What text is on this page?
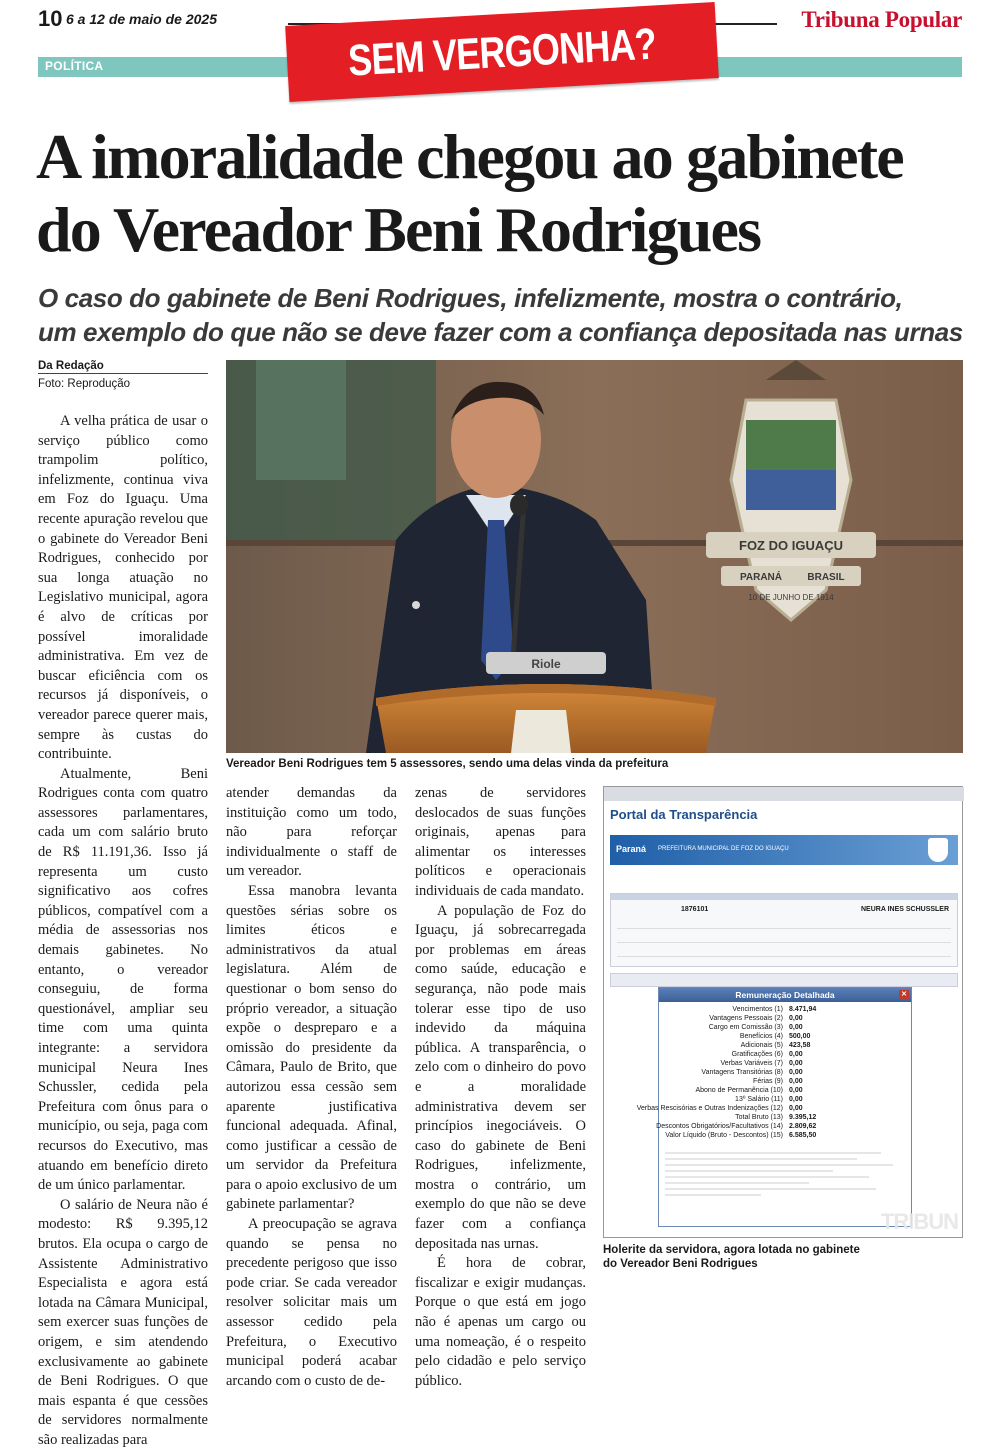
10 6 a 12 de maio de 2025	Tribuna Popular
POLÍTICA	SEM VERGONHA?
A imoralidade chegou ao gabinete
do Vereador Beni Rodrigues
O caso do gabinete de Beni Rodrigues, infelizmente, mostra o contrário,
um exemplo do que não se deve fazer com a confiança depositada nas urnas
Da Redação
Foto: Reprodução

A velha prática de usar o serviço público como trampolim político, infelizmente, continua viva em Foz do Iguaçu. Uma recente apuração revelou que o gabinete do Vereador Beni Rodrigues, conhecido por sua longa atuação no Legislativo municipal, agora é alvo de críticas por possível imoralidade administrativa. Em vez de buscar eficiência com os recursos já disponíveis, o vereador parece querer mais, sempre às custas do contribuinte.

Atualmente, Beni Rodrigues conta com quatro assessores parlamentares, cada um com salário bruto de R$ 11.191,36. Isso já representa um custo significativo aos cofres públicos, compatível com a média de assessorias nos demais gabinetes. No entanto, o vereador conseguiu, de forma questionável, ampliar seu time com uma quinta integrante: a servidora municipal Neura Ines Schussler, cedida pela Prefeitura com ônus para o município, ou seja, paga com recursos do Executivo, mas atuando em benefício direto de um único parlamentar.

O salário de Neura não é modesto: R$ 9.395,12 brutos. Ela ocupa o cargo de Assistente Administrativo Especialista e agora está lotada na Câmara Municipal, sem exercer suas funções de origem, e sim atendendo exclusivamente ao gabinete de Beni Rodrigues. O que mais espanta é que cessões de servidores normalmente são realizadas para

atender demandas da instituição como um todo, não para reforçar individualmente o staff de um vereador.

Essa manobra levanta questões sérias sobre os limites éticos e administrativos da atual legislatura. Além de questionar o bom senso do próprio vereador, a situação expõe o despreparo e a omissão do presidente da Câmara, Paulo de Brito, que autorizou essa cessão sem aparente justificativa funcional adequada. Afinal, como justificar a cessão de um servidor da Prefeitura para o apoio exclusivo de um gabinete parlamentar?

A preocupação se agrava quando se pensa no precedente perigoso que isso pode criar. Se cada vereador resolver solicitar mais um assessor cedido pela Prefeitura, o Executivo municipal poderá acabar arcando com o custo de de-

zenas de servidores deslocados de suas funções originais, apenas para alimentar os interesses políticos e operacionais individuais de cada mandato.

A população de Foz do Iguaçu, já sobrecarregada por problemas em áreas como saúde, educação e segurança, não pode mais tolerar esse tipo de uso indevido da máquina pública. A transparência, o zelo com o dinheiro do povo e a moralidade administrativa devem ser princípios inegociáveis. O caso do gabinete de Beni Rodrigues, infelizmente, mostra o contrário, um exemplo do que não se deve fazer com a confiança depositada nas urnas.

É hora de cobrar, fiscalizar e exigir mudanças. Porque o que está em jogo não é apenas um cargo ou uma nomeação, é o respeito pelo cidadão e pelo serviço público.

FOZ DO IGUAÇU
PARANÁ	BRASIL
10 DE JUNHO DE 1914
Riole
Vereador Beni Rodrigues tem 5 assessores, sendo uma delas vinda da prefeitura
Portal da Transparência
Paraná PREFEITURA MUNICIPAL DE FOZ DO IGUAÇU
1876101	NEURA INES SCHUSSLER
Remuneração Detalhada	✕
Vencimentos (1) 8.471,94
Vantagens Pessoais (2) 0,00
Cargo em Comissão (3) 0,00
Benefícios (4) 500,00
Adicionais (5) 423,58
Gratificações (6) 0,00
Verbas Variáveis (7) 0,00
Vantagens Transitórias (8) 0,00
Férias (9) 0,00
Abono de Permanência (10) 0,00
13º Salário (11) 0,00
Verbas Rescisórias e Outras Indenizações (12) 0,00
Total Bruto (13) 9.395,12
Descontos Obrigatórios/Facultativos (14) 2.809,62
Valor Líquido (Bruto - Descontos) (15) 6.585,50
TRIBUN
Holerite da servidora, agora lotada no gabinete
do Vereador Beni Rodrigues
